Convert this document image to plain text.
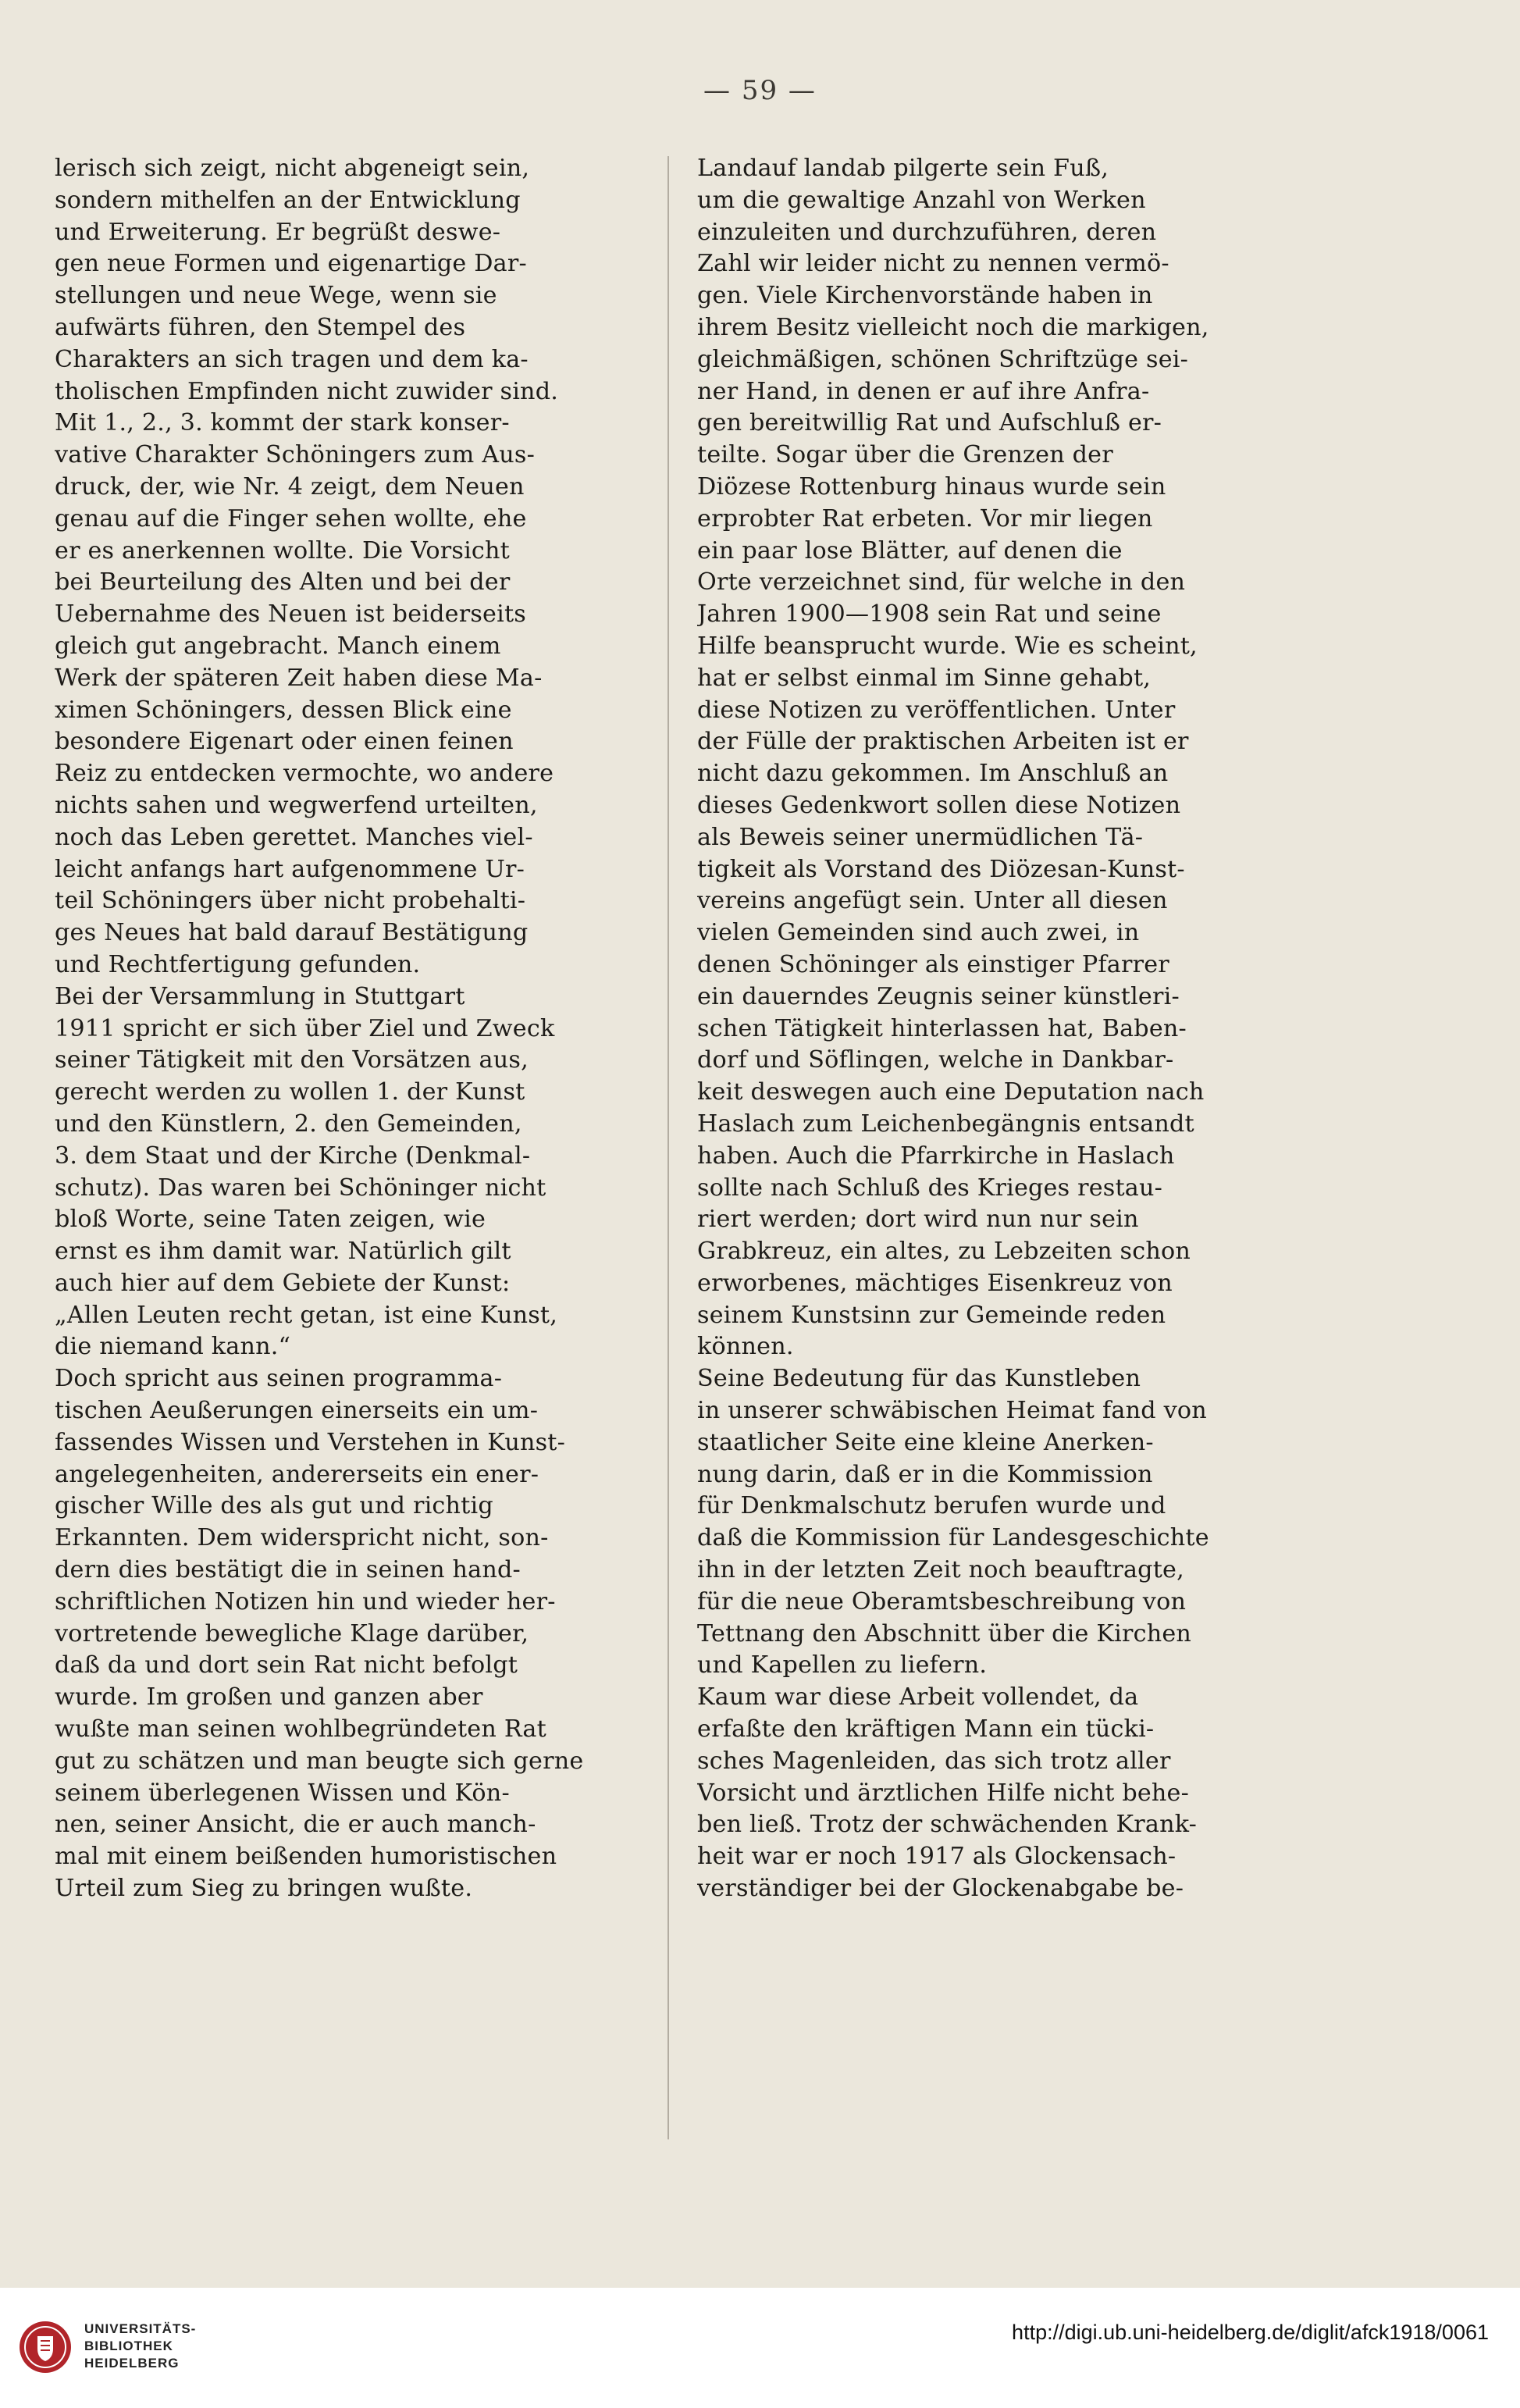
— 59 —
lerisch sich zeigt, nicht abgeneigt sein,
sondern mithelfen an der Entwicklung
und Erweiterung. Er begrüßt deswe-
gen neue Formen und eigenartige Dar-
stellungen und neue Wege, wenn sie
aufwärts führen, den Stempel des
Charakters an sich tragen und dem ka-
tholischen Empfinden nicht zuwider sind.
Mit 1., 2., 3. kommt der stark konser-
vative Charakter Schöningers zum Aus-
druck, der, wie Nr. 4 zeigt, dem Neuen
genau auf die Finger sehen wollte, ehe
er es anerkennen wollte. Die Vorsicht
bei Beurteilung des Alten und bei der
Uebernahme des Neuen ist beiderseits
gleich gut angebracht. Manch einem
Werk der späteren Zeit haben diese Ma-
ximen Schöningers, dessen Blick eine
besondere Eigenart oder einen feinen
Reiz zu entdecken vermochte, wo andere
nichts sahen und wegwerfend urteilten,
noch das Leben gerettet. Manches viel-
leicht anfangs hart aufgenommene Ur-
teil Schöningers über nicht probehalti-
ges Neues hat bald darauf Bestätigung
und Rechtfertigung gefunden.
Bei der Versammlung in Stuttgart
1911 spricht er sich über Ziel und Zweck
seiner Tätigkeit mit den Vorsätzen aus,
gerecht werden zu wollen 1. der Kunst
und den Künstlern, 2. den Gemeinden,
3. dem Staat und der Kirche (Denkmal-
schutz). Das waren bei Schöninger nicht
bloß Worte, seine Taten zeigen, wie
ernst es ihm damit war. Natürlich gilt
auch hier auf dem Gebiete der Kunst:
„Allen Leuten recht getan, ist eine Kunst,
die niemand kann.“
Doch spricht aus seinen programma-
tischen Aeußerungen einerseits ein um-
fassendes Wissen und Verstehen in Kunst-
angelegenheiten, andererseits ein ener-
gischer Wille des als gut und richtig
Erkannten. Dem widerspricht nicht, son-
dern dies bestätigt die in seinen hand-
schriftlichen Notizen hin und wieder her-
vortretende bewegliche Klage darüber,
daß da und dort sein Rat nicht befolgt
wurde. Im großen und ganzen aber
wußte man seinen wohlbegründeten Rat
gut zu schätzen und man beugte sich gerne
seinem überlegenen Wissen und Kön-
nen, seiner Ansicht, die er auch manch-
mal mit einem beißenden humoristischen
Urteil zum Sieg zu bringen wußte.
Landauf landab pilgerte sein Fuß,
um die gewaltige Anzahl von Werken
einzuleiten und durchzuführen, deren
Zahl wir leider nicht zu nennen vermö-
gen. Viele Kirchenvorstände haben in
ihrem Besitz vielleicht noch die markigen,
gleichmäßigen, schönen Schriftzüge sei-
ner Hand, in denen er auf ihre Anfra-
gen bereitwillig Rat und Aufschluß er-
teilte. Sogar über die Grenzen der
Diözese Rottenburg hinaus wurde sein
erprobter Rat erbeten. Vor mir liegen
ein paar lose Blätter, auf denen die
Orte verzeichnet sind, für welche in den
Jahren 1900—1908 sein Rat und seine
Hilfe beansprucht wurde. Wie es scheint,
hat er selbst einmal im Sinne gehabt,
diese Notizen zu veröffentlichen. Unter
der Fülle der praktischen Arbeiten ist er
nicht dazu gekommen. Im Anschluß an
dieses Gedenkwort sollen diese Notizen
als Beweis seiner unermüdlichen Tä-
tigkeit als Vorstand des Diözesan-Kunst-
vereins angefügt sein. Unter all diesen
vielen Gemeinden sind auch zwei, in
denen Schöninger als einstiger Pfarrer
ein dauerndes Zeugnis seiner künstleri-
schen Tätigkeit hinterlassen hat, Baben-
dorf und Söflingen, welche in Dankbar-
keit deswegen auch eine Deputation nach
Haslach zum Leichenbegängnis entsandt
haben. Auch die Pfarrkirche in Haslach
sollte nach Schluß des Krieges restau-
riert werden; dort wird nun nur sein
Grabkreuz, ein altes, zu Lebzeiten schon
erworbenes, mächtiges Eisenkreuz von
seinem Kunstsinn zur Gemeinde reden
können.
Seine Bedeutung für das Kunstleben
in unserer schwäbischen Heimat fand von
staatlicher Seite eine kleine Anerken-
nung darin, daß er in die Kommission
für Denkmalschutz berufen wurde und
daß die Kommission für Landesgeschichte
ihn in der letzten Zeit noch beauftragte,
für die neue Oberamtsbeschreibung von
Tettnang den Abschnitt über die Kirchen
und Kapellen zu liefern.
Kaum war diese Arbeit vollendet, da
erfaßte den kräftigen Mann ein tücki-
sches Magenleiden, das sich trotz aller
Vorsicht und ärztlichen Hilfe nicht behe-
ben ließ. Trotz der schwächenden Krank-
heit war er noch 1917 als Glockensach-
verständiger bei der Glockenabgabe be-
UNIVERSITÄTS-
BIBLIOTHEK
HEIDELBERG
http://digi.ub.uni-heidelberg.de/diglit/afck1918/0061
